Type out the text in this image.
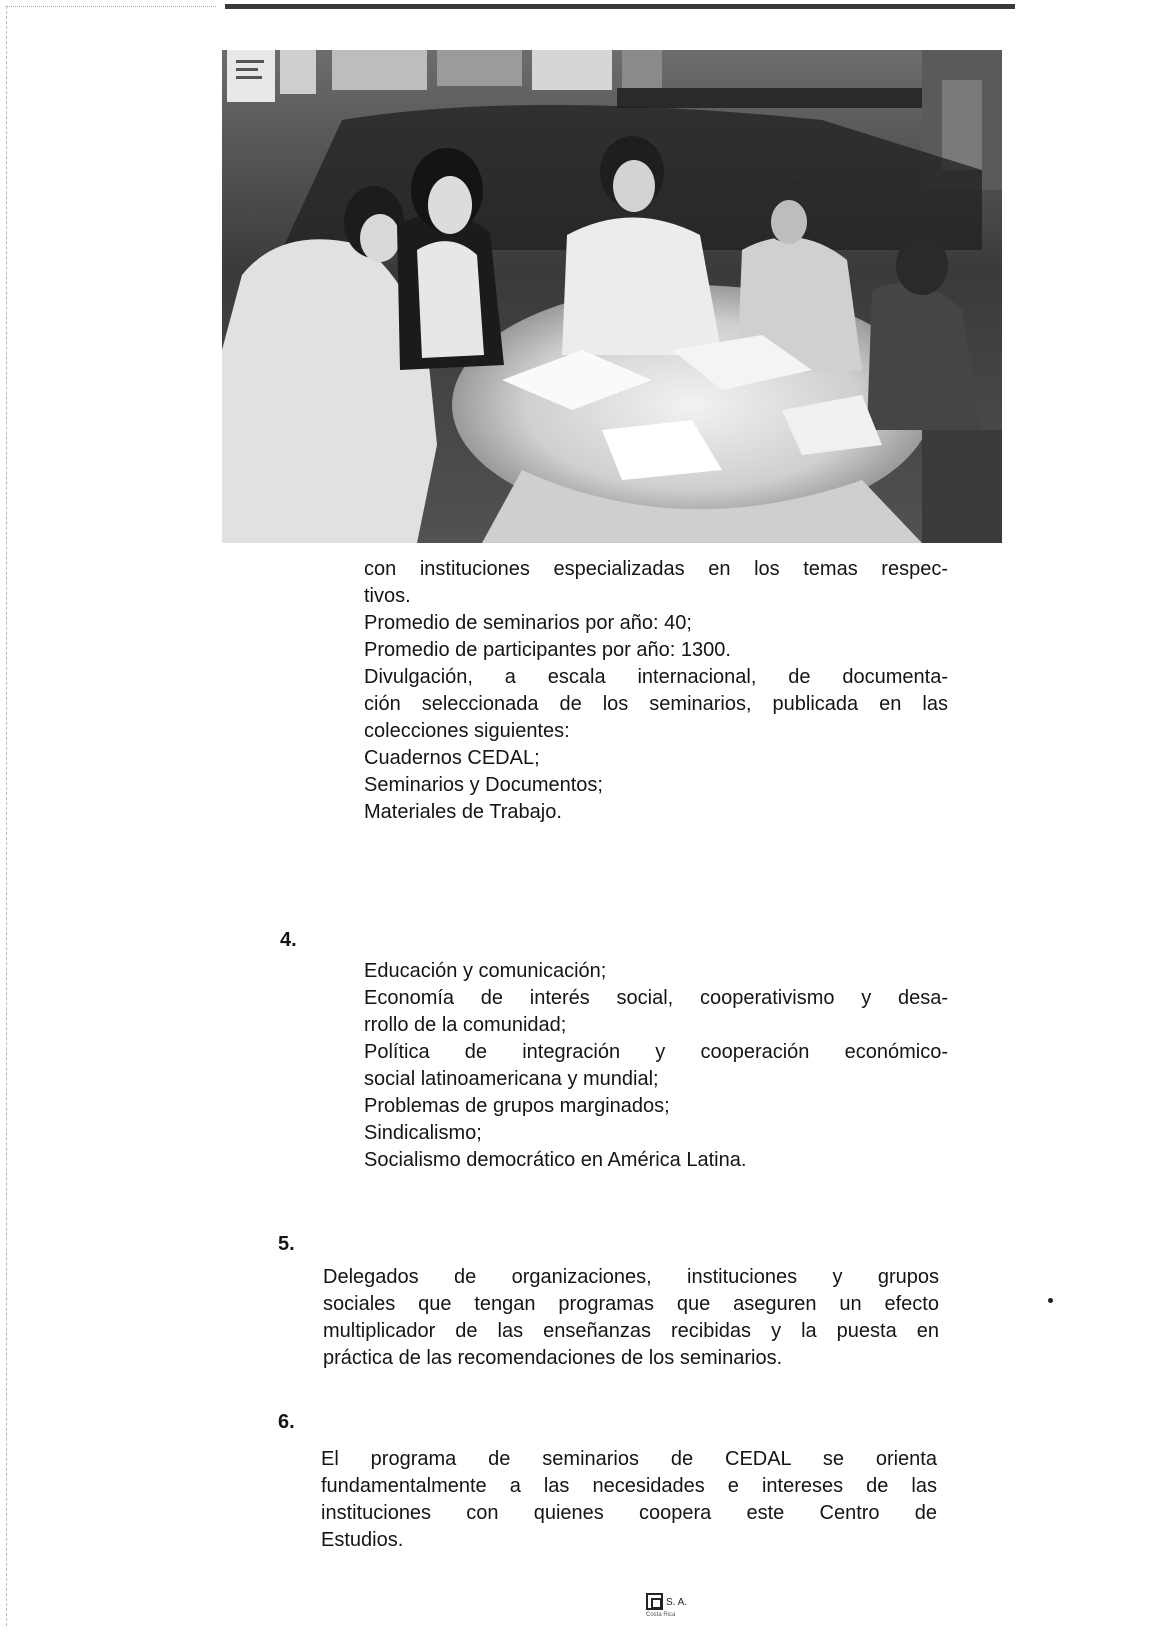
con instituciones especializadas en los temas respec-
tivos.
Promedio de seminarios por año: 40;
Promedio de participantes por año: 1300.
Divulgación, a escala internacional, de documenta-
ción seleccionada de los seminarios, publicada en las
colecciones siguientes:
Cuadernos CEDAL;
Seminarios y Documentos;
Materiales de Trabajo.
4.
Educación y comunicación;
Economía de interés social, cooperativismo y desa-
rrollo de la comunidad;
Política de integración y cooperación económico-
social latinoamericana y mundial;
Problemas de grupos marginados;
Sindicalismo;
Socialismo democrático en América Latina.
5.
Delegados de organizaciones, instituciones y grupos
sociales que tengan programas que aseguren un efecto
multiplicador de las enseñanzas recibidas y la puesta en
práctica de las recomendaciones de los seminarios.
6.
El programa de seminarios de CEDAL se orienta
fundamentalmente a las necesidades e intereses de las
instituciones con quienes coopera este Centro de
Estudios.
S. A.
Costa Rica
